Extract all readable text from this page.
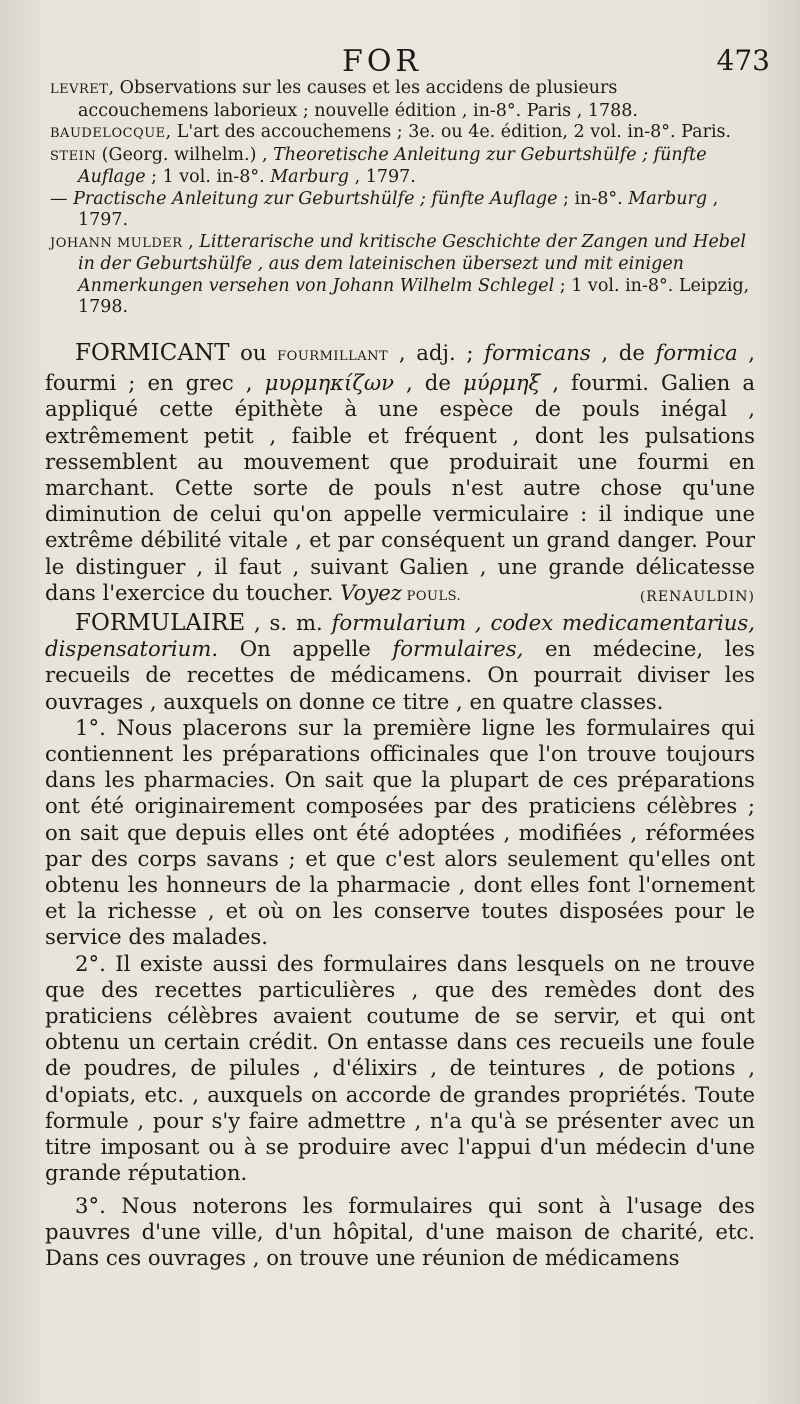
FOR	473

LEVRET, Observations sur les causes et les accidens de plusieurs accouchemens laborieux ; nouvelle édition , in-8°. Paris , 1788.

BAUDELOCQUE, L'art des accouchemens ; 3e. ou 4e. édition, 2 vol. in-8°. Paris.

STEIN (Georg. wilhelm.) , Theoretische Anleitung zur Geburtshülfe ; fünfte Auflage ; 1 vol. in-8°. Marburg , 1797.

— Practische Anleitung zur Geburtshülfe ; fünfte Auflage ; in-8°. Marburg , 1797.

JOHANN MULDER , Litterarische und kritische Geschichte der Zangen und Hebel in der Geburtshülfe , aus dem lateinischen übersezt und mit einigen Anmerkungen versehen von Johann Wilhelm Schlegel ; 1 vol. in-8°. Leipzig, 1798.

FORMICANT ou FOURMILLANT , adj. ; formicans , de formica , fourmi ; en grec , μυρμηκίζων , de μύρμηξ , fourmi. Galien a appliqué cette épithète à une espèce de pouls inégal , extrêmement petit , faible et fréquent , dont les pulsations ressemblent au mouvement que produirait une fourmi en marchant. Cette sorte de pouls n'est autre chose qu'une diminution de celui qu'on appelle vermiculaire : il indique une extrême débilité vitale , et par conséquent un grand danger. Pour le distinguer , il faut , suivant Galien , une grande délicatesse dans l'exercice du toucher. Voyez POULS.	(RENAULDIN)

FORMULAIRE , s. m. formularium , codex medicamentarius, dispensatorium. On appelle formulaires, en médecine, les recueils de recettes de médicamens. On pourrait diviser les ouvrages , auxquels on donne ce titre , en quatre classes.

1°. Nous placerons sur la première ligne les formulaires qui contiennent les préparations officinales que l'on trouve toujours dans les pharmacies. On sait que la plupart de ces préparations ont été originairement composées par des praticiens célèbres ; on sait que depuis elles ont été adoptées , modifiées , réformées par des corps savans ; et que c'est alors seulement qu'elles ont obtenu les honneurs de la pharmacie , dont elles font l'ornement et la richesse , et où on les conserve toutes disposées pour le service des malades.

2°. Il existe aussi des formulaires dans lesquels on ne trouve que des recettes particulières , que des remèdes dont des praticiens célèbres avaient coutume de se servir, et qui ont obtenu un certain crédit. On entasse dans ces recueils une foule de poudres, de pilules , d'élixirs , de teintures , de potions , d'opiats, etc. , auxquels on accorde de grandes propriétés. Toute formule , pour s'y faire admettre , n'a qu'à se présenter avec un titre imposant ou à se produire avec l'appui d'un médecin d'une grande réputation.

3°. Nous noterons les formulaires qui sont à l'usage des pauvres d'une ville, d'un hôpital, d'une maison de charité, etc. Dans ces ouvrages , on trouve une réunion de médicamens
